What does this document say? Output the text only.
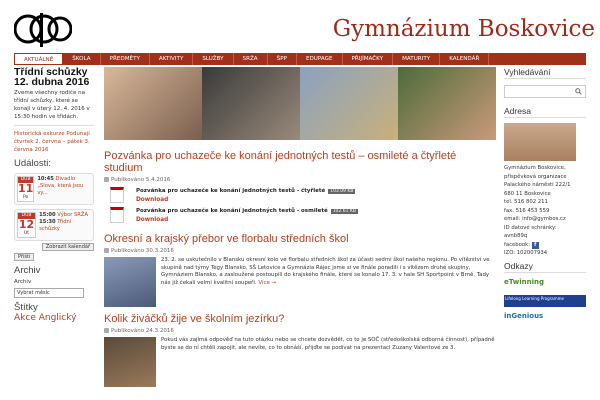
Gymnázium Boskovice
AKTUÁLNĚ	ŠKOLA	PŘEDMĚTY	AKTIVITY	SLUŽBY	SRŽA	ŠPP	EDUPAGE	PŘIJÍMAČKY	MATURITY	KALENDÁŘ
Třídní schůzky 12. dubna 2016
Zveme všechny rodiče na třídní schůzky, které se konají v úterý 12. 4. 2016 v 15:30 hodin ve třídách.
Historická exkurze Podunají čtvrtek 2. června – pátek 3. června 2016
Události:
DUB
11
Po
10:45 Divadlo „Slova, která jsou vy...
DUB
12
Út
15:00 Výbor SRŽA
15:30 Třídní schůzky
Zobrazit kalendář
Příští
Archiv
Archiv
Vybrat měsíc
Štítky
Akce Anglický
Pozvánka pro uchazeče ke konání jednotných testů – osmileté a čtyřleté studium
Publikováno 5.4.2016
Pozvánka pro uchazeče ke konání jednotných testů - čtyřleté 103.09 KB
Download
Pozvánka pro uchazeče ke konání jednotných testů - osmileté 102.61 KB
Download
Okresní a krajský přebor ve florbalu středních škol
Publikováno 30.3.2016

23. 2. se uskutečnilo v Blansku okresní kolo ve florbalu středních škol za účasti sedmi škol našeho regionu. Po vítězství ve skupině nad týmy Tegy Blansko, SŠ Letovice a Gymnázia Rájec jsme si ve finále poradili i s vítězem druhé skupiny, Gymnáziem Blansko, a zasloužené postoupili do krajského finále, které se konalo 17. 3. v hale SH Sportpoint v Brně. Tady nás již čekali velmi kvalitní soupeři. Více →

Kolik živáčků žije ve školním jezírku?
Publikováno 24.3.2016

Pokud vás zajímá odpověď na tuto otázku nebo se chcete dozvědět, co to je SOČ (středoškolská odborná činnost), případně byste se do ní chtěli zapojit, ale nevíte, co to obnáší, přijďte se podívat na prezentaci Zuzany Valentové ze 3.

Vyhledávání
Adresa
Gymnázium Boskovice,
příspěvková organizace
Palackého náměstí 222/1
680 11 Boskovice
tel. 516 802 211
fax. 516 453 559
email: info@gymbos.cz
ID datové schránky:
avnb89q
facebook: f
IZO: 102007934
Odkazy
eTwinning
Lifelong Learning Programme
inGenious
